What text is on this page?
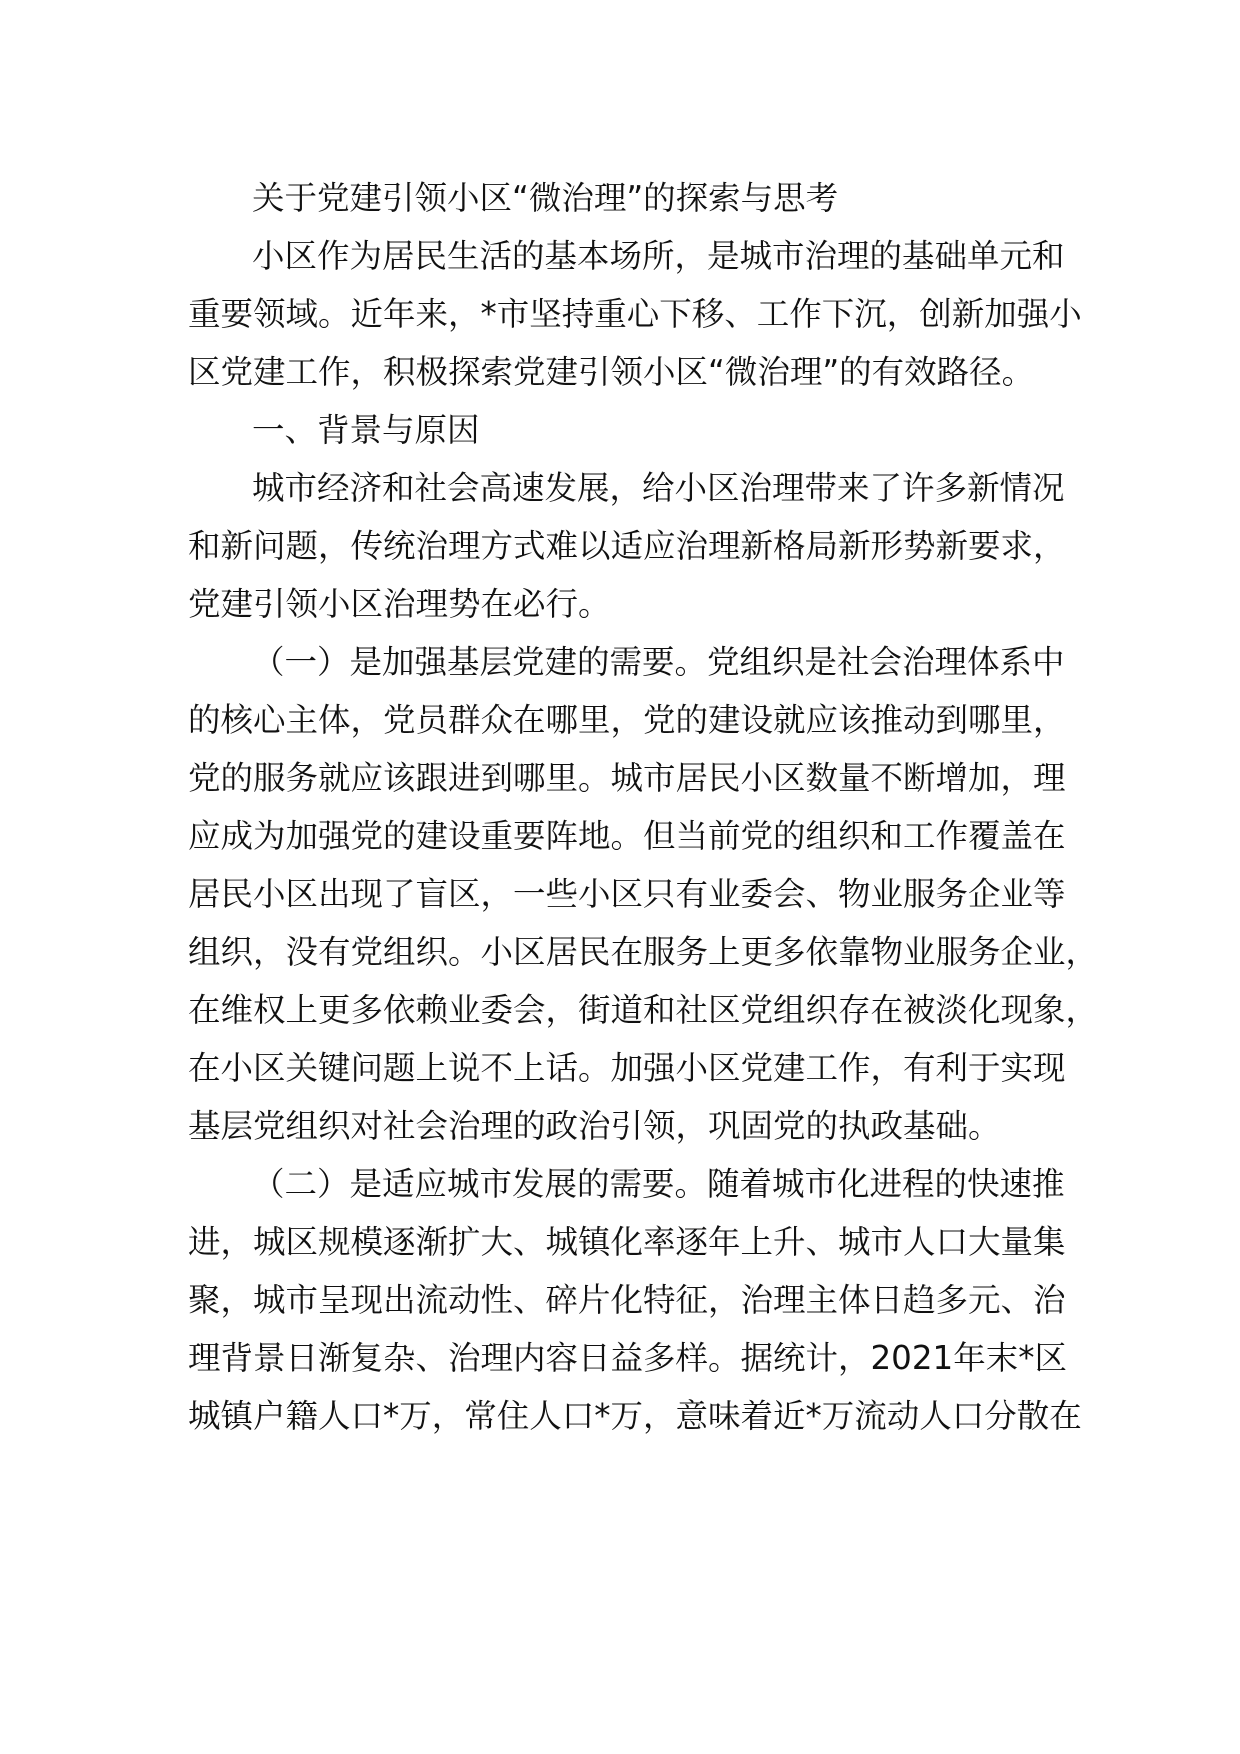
关于党建引领小区“微治理”的探索与思考
小区作为居民生活的基本场所，是城市治理的基础单元和
重要领域。近年来，*市坚持重心下移、工作下沉，创新加强小
区党建工作，积极探索党建引领小区“微治理”的有效路径。
一、背景与原因
城市经济和社会高速发展，给小区治理带来了许多新情况
和新问题，传统治理方式难以适应治理新格局新形势新要求，
党建引领小区治理势在必行。
（一）是加强基层党建的需要。党组织是社会治理体系中
的核心主体，党员群众在哪里，党的建设就应该推动到哪里，
党的服务就应该跟进到哪里。城市居民小区数量不断增加，理
应成为加强党的建设重要阵地。但当前党的组织和工作覆盖在
居民小区出现了盲区，一些小区只有业委会、物业服务企业等
组织，没有党组织。小区居民在服务上更多依靠物业服务企业，
在维权上更多依赖业委会，街道和社区党组织存在被淡化现象，
在小区关键问题上说不上话。加强小区党建工作，有利于实现
基层党组织对社会治理的政治引领，巩固党的执政基础。
（二）是适应城市发展的需要。随着城市化进程的快速推
进，城区规模逐渐扩大、城镇化率逐年上升、城市人口大量集
聚，城市呈现出流动性、碎片化特征，治理主体日趋多元、治
理背景日渐复杂、治理内容日益多样。据统计，2021年末*区
城镇户籍人口*万，常住人口*万，意味着近*万流动人口分散在
